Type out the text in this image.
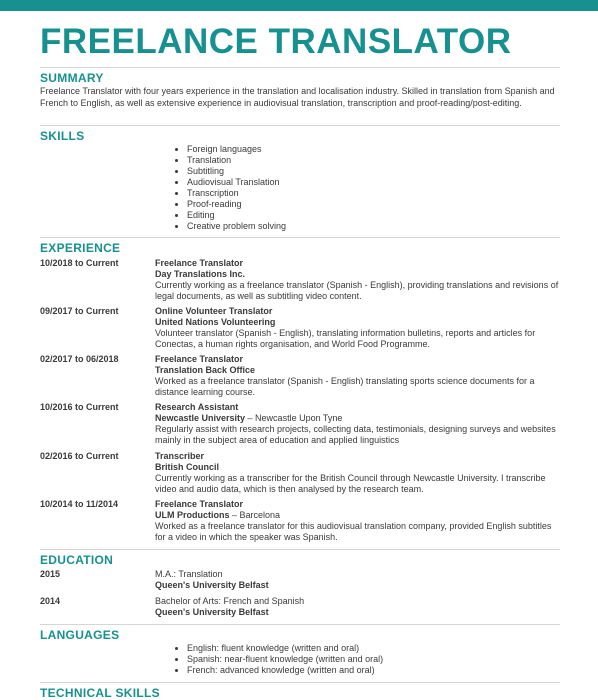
FREELANCE TRANSLATOR
SUMMARY
Freelance Translator with four years experience in the translation and localisation industry. Skilled in translation from Spanish and French to English, as well as extensive experience in audiovisual translation, transcription and proof-reading/post-editing.
SKILLS
• Foreign languages
• Translation
• Subtitling
• Audiovisual Translation
• Transcription
• Proof-reading
• Editing
• Creative problem solving
EXPERIENCE
10/2018 to Current	Freelance Translator
Day Translations Inc.
Currently working as a freelance translator (Spanish - English), providing translations and revisions of legal documents, as well as subtitling video content.
09/2017 to Current	Online Volunteer Translator
United Nations Volunteering
Volunteer translator (Spanish - English), translating information bulletins, reports and articles for Conectas, a human rights organisation, and World Food Programme.
02/2017 to 06/2018	Freelance Translator
Translation Back Office
Worked as a freelance translator (Spanish - English) translating sports science documents for a distance learning course.
10/2016 to Current	Research Assistant
Newcastle University – Newcastle Upon Tyne
Regularly assist with research projects, collecting data, testimonials, designing surveys and websites mainly in the subject area of education and applied linguistics
02/2016 to Current	Transcriber
British Council
Currently working as a transcriber for the British Council through Newcastle University. I transcribe video and audio data, which is then analysed by the research team.
10/2014 to 11/2014	Freelance Translator
ULM Productions – Barcelona
Worked as a freelance translator for this audiovisual translation company, provided English subtitles for a video in which the speaker was Spanish.
EDUCATION
2015	M.A.: Translation
Queen's University Belfast
2014	Bachelor of Arts: French and Spanish
Queen's University Belfast
LANGUAGES
• English: fluent knowledge (written and oral)
• Spanish: near-fluent knowledge (written and oral)
• French: advanced knowledge (written and oral)
TECHNICAL SKILLS
